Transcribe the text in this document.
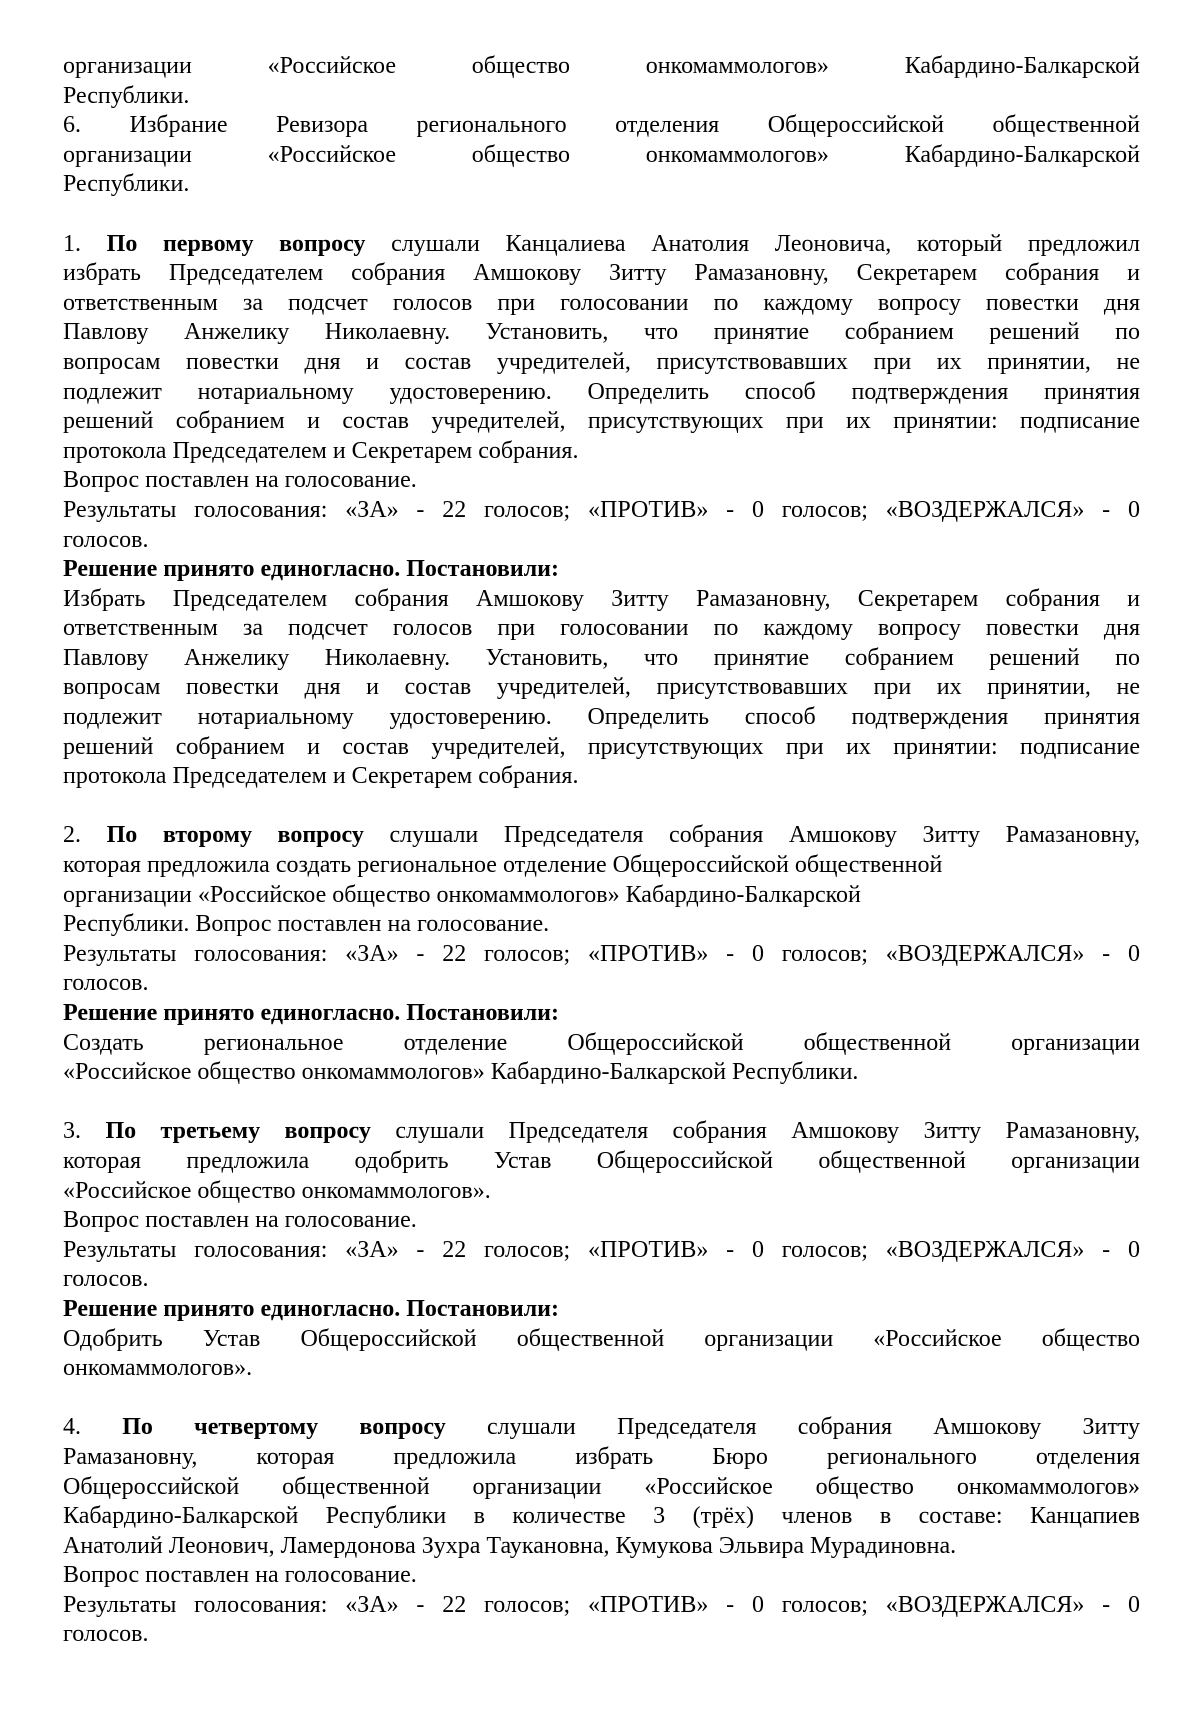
организации «Российское общество онкомаммологов» Кабардино-Балкарской
Республики.
6. Избрание Ревизора регионального отделения Общероссийской общественной
организации «Российское общество онкомаммологов» Кабардино-Балкарской
Республики.
1. По первому вопросу слушали Канцалиева Анатолия Леоновича, который предложил
избрать Председателем собрания Амшокову Зитту Рамазановну, Секретарем собрания и
ответственным за подсчет голосов при голосовании по каждому вопросу повестки дня
Павлову Анжелику Николаевну. Установить, что принятие собранием решений по
вопросам повестки дня и состав учредителей, присутствовавших при их принятии, не
подлежит нотариальному удостоверению. Определить способ подтверждения принятия
решений собранием и состав учредителей, присутствующих при их принятии: подписание
протокола Председателем и Секретарем собрания.
Вопрос поставлен на голосование.
Результаты голосования: «ЗА» - 22 голосов; «ПРОТИВ» - 0 голосов; «ВОЗДЕРЖАЛСЯ» - 0
голосов.
Решение принято единогласно. Постановили:
Избрать Председателем собрания Амшокову Зитту Рамазановну, Секретарем собрания и
ответственным за подсчет голосов при голосовании по каждому вопросу повестки дня
Павлову Анжелику Николаевну. Установить, что принятие собранием решений по
вопросам повестки дня и состав учредителей, присутствовавших при их принятии, не
подлежит нотариальному удостоверению. Определить способ подтверждения принятия
решений собранием и состав учредителей, присутствующих при их принятии: подписание
протокола Председателем и Секретарем собрания.
2. По второму вопросу слушали Председателя собрания Амшокову Зитту Рамазановну,
которая предложила создать региональное отделение Общероссийской общественной
организации «Российское общество онкомаммологов» Кабардино-Балкарской
Республики. Вопрос поставлен на голосование.
Результаты голосования: «ЗА» - 22 голосов; «ПРОТИВ» - 0 голосов; «ВОЗДЕРЖАЛСЯ» - 0
голосов.
Решение принято единогласно. Постановили:
Создать региональное отделение Общероссийской общественной организации
«Российское общество онкомаммологов» Кабардино-Балкарской Республики.
3. По третьему вопросу слушали Председателя собрания Амшокову Зитту Рамазановну,
которая предложила одобрить Устав Общероссийской общественной организации
«Российское общество онкомаммологов».
Вопрос поставлен на голосование.
Результаты голосования: «ЗА» - 22 голосов; «ПРОТИВ» - 0 голосов; «ВОЗДЕРЖАЛСЯ» - 0
голосов.
Решение принято единогласно. Постановили:
Одобрить Устав Общероссийской общественной организации «Российское общество
онкомаммологов».
4. По четвертому вопросу слушали Председателя собрания Амшокову Зитту
Рамазановну, которая предложила избрать Бюро регионального отделения
Общероссийской общественной организации «Российское общество онкомаммологов»
Кабардино-Балкарской Республики в количестве 3 (трёх) членов в составе: Канцапиев
Анатолий Леонович, Ламердонова Зухра Таукановна, Кумукова Эльвира Мурадиновна.
Вопрос поставлен на голосование.
Результаты голосования: «ЗА» - 22 голосов; «ПРОТИВ» - 0 голосов; «ВОЗДЕРЖАЛСЯ» - 0
голосов.
